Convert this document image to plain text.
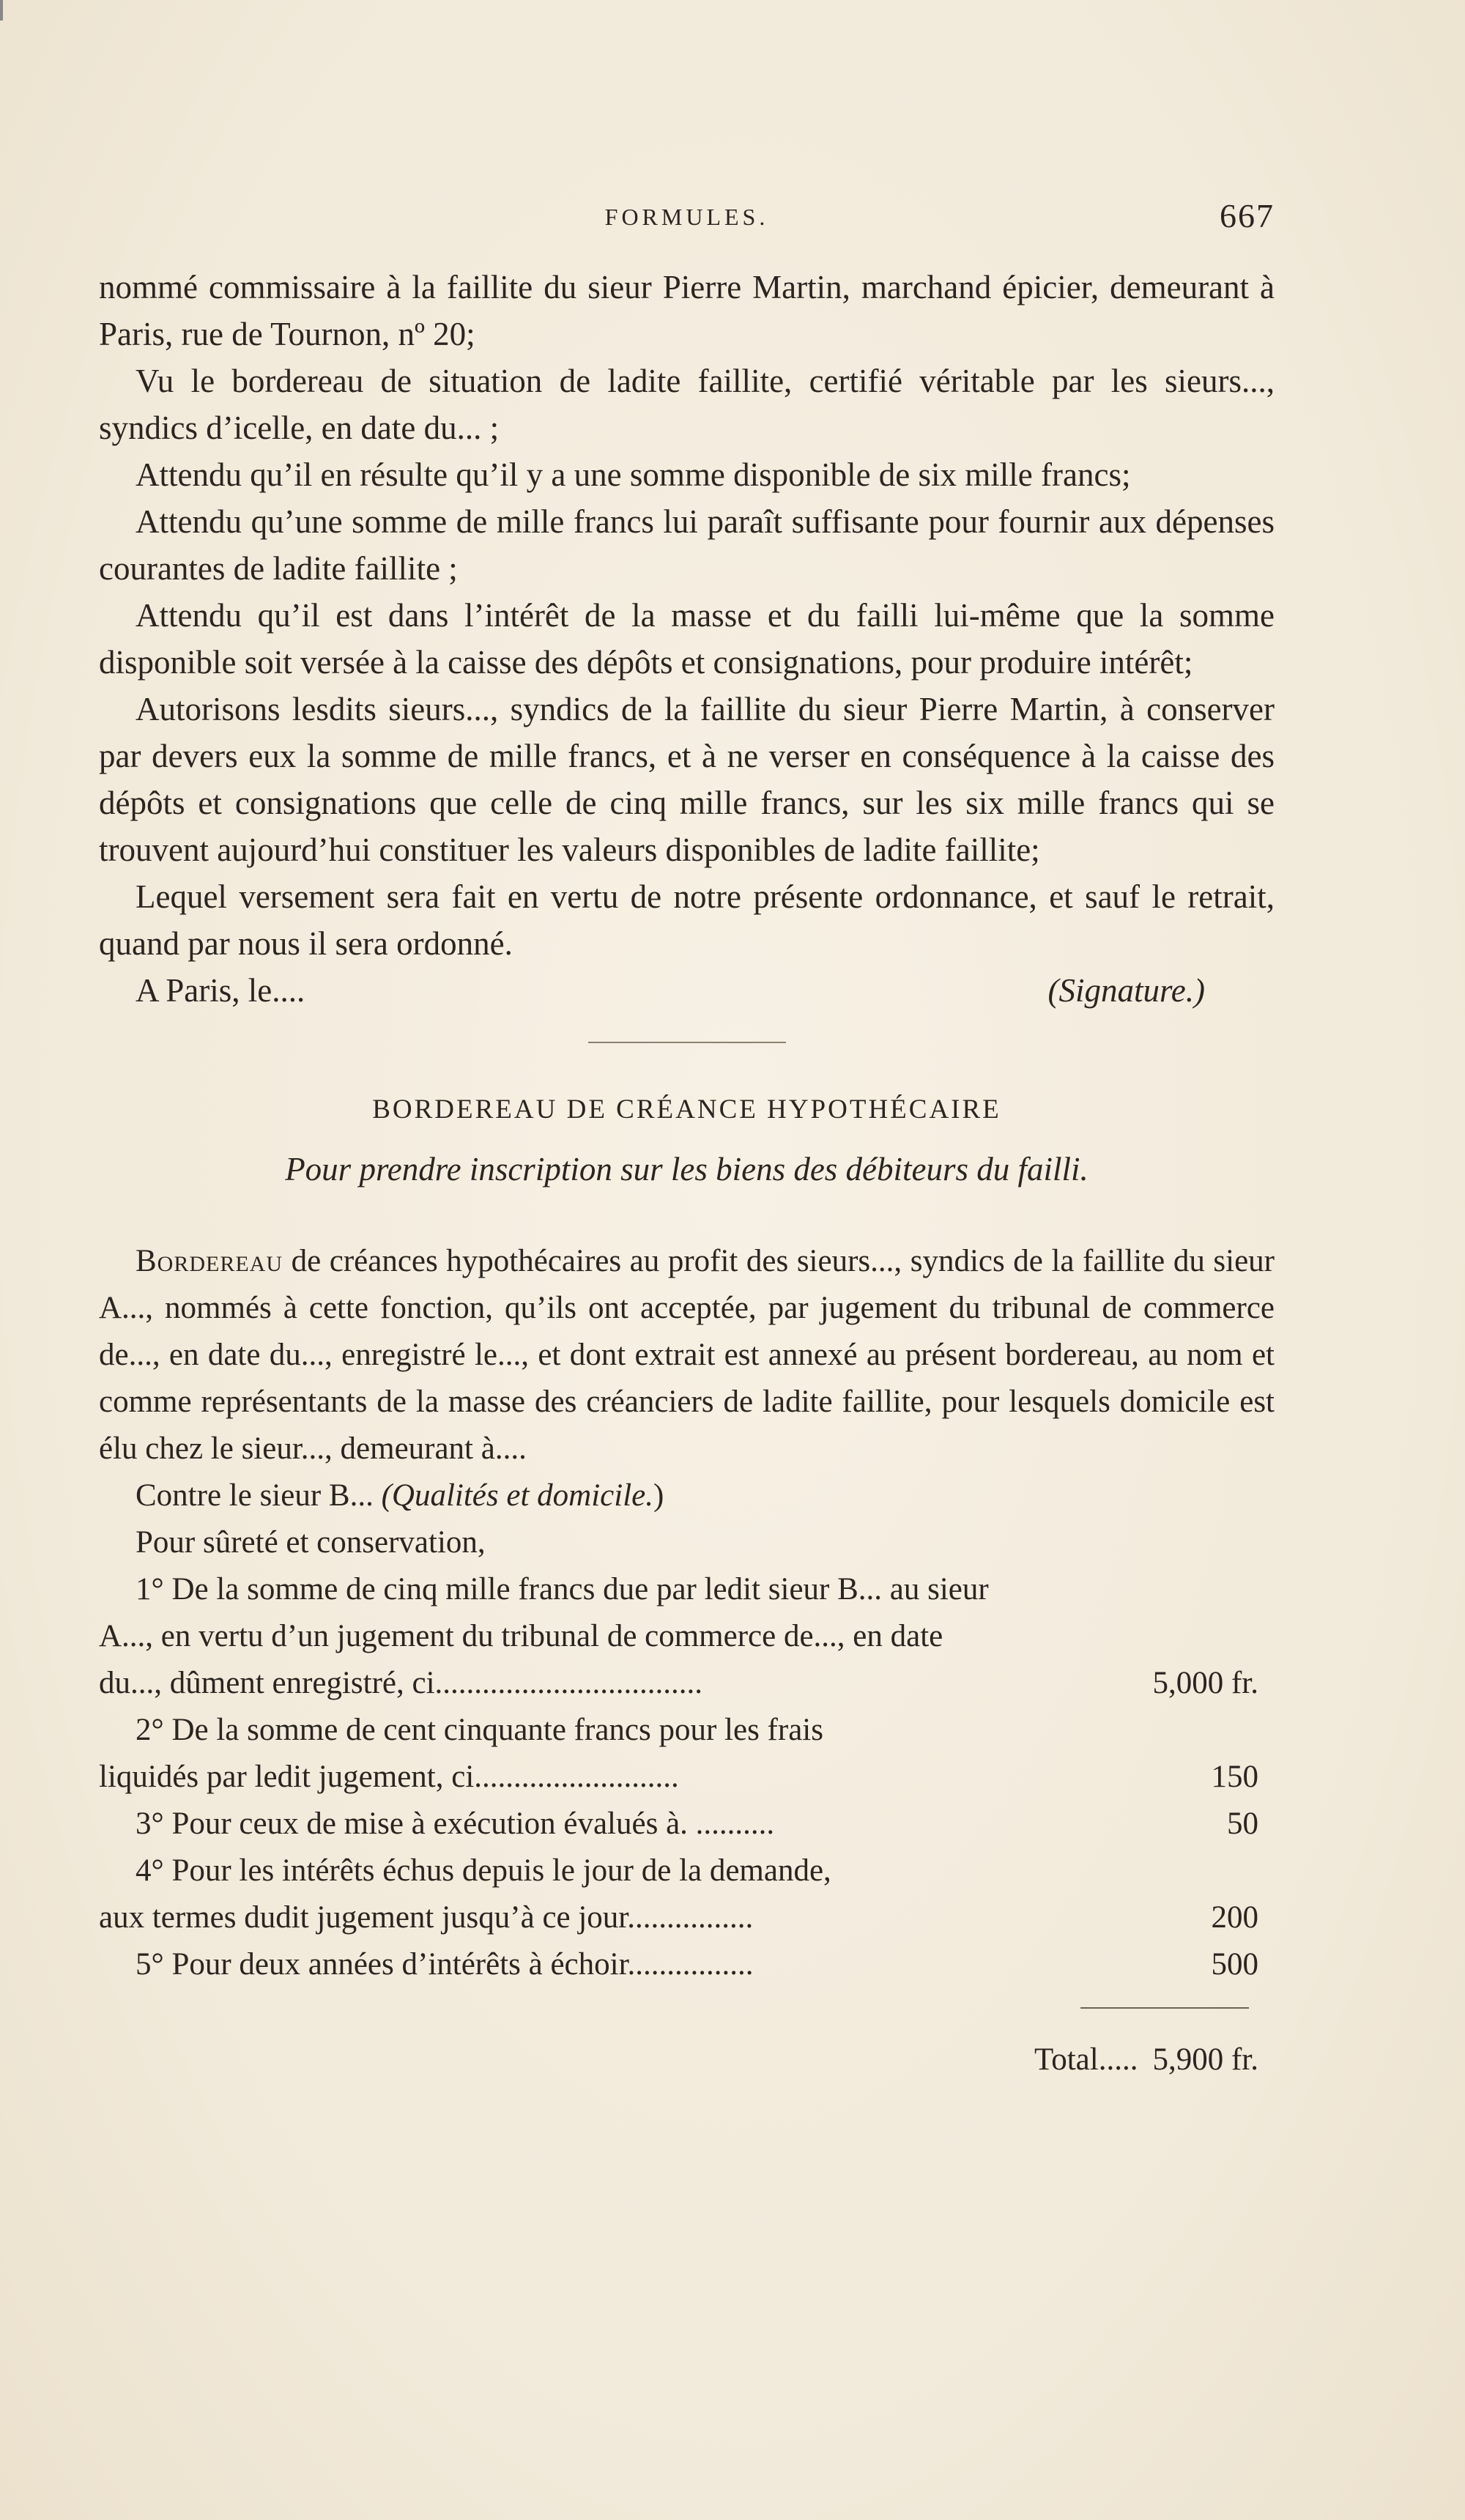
FORMULES.	667

nommé commissaire à la faillite du sieur Pierre Martin, marchand épicier, demeurant à Paris, rue de Tournon, nº 20;

Vu le bordereau de situation de ladite faillite, certifié véritable par les sieurs..., syndics d’icelle, en date du... ;

Attendu qu’il en résulte qu’il y a une somme disponible de six mille francs;

Attendu qu’une somme de mille francs lui paraît suffisante pour fournir aux dépenses courantes de ladite faillite ;

Attendu qu’il est dans l’intérêt de la masse et du failli lui-même que la somme disponible soit versée à la caisse des dépôts et consignations, pour produire intérêt;

Autorisons lesdits sieurs..., syndics de la faillite du sieur Pierre Martin, à conserver par devers eux la somme de mille francs, et à ne verser en conséquence à la caisse des dépôts et consignations que celle de cinq mille francs, sur les six mille francs qui se trouvent aujourd’hui constituer les valeurs disponibles de ladite faillite;

Lequel versement sera fait en vertu de notre présente ordonnance, et sauf le retrait, quand par nous il sera ordonné.

A Paris, le....	(Signature.)
BORDEREAU DE CRÉANCE HYPOTHÉCAIRE
Pour prendre inscription sur les biens des débiteurs du failli.

Bordereau de créances hypothécaires au profit des sieurs..., syndics de la faillite du sieur A..., nommés à cette fonction, qu’ils ont acceptée, par jugement du tribunal de commerce de..., en date du..., enregistré le..., et dont extrait est annexé au présent bordereau, au nom et comme représentants de la masse des créanciers de ladite faillite, pour lesquels domicile est élu chez le sieur..., demeurant à....

Contre le sieur B... (Qualités et domicile.)

Pour sûreté et conservation,

1° De la somme de cinq mille francs due par ledit sieur B... au sieur
A..., en vertu d’un jugement du tribunal de commerce de..., en date
du..., dûment enregistré, ci..................................	5,000 fr.
2° De la somme de cent cinquante francs pour les frais
liquidés par ledit jugement, ci..........................	150
3° Pour ceux de mise à exécution évalués à. ..........	50
4° Pour les intérêts échus depuis le jour de la demande,
aux termes dudit jugement jusqu’à ce jour................	200
5° Pour deux années d’intérêts à échoir................	500
Total..... 5,900 fr.
